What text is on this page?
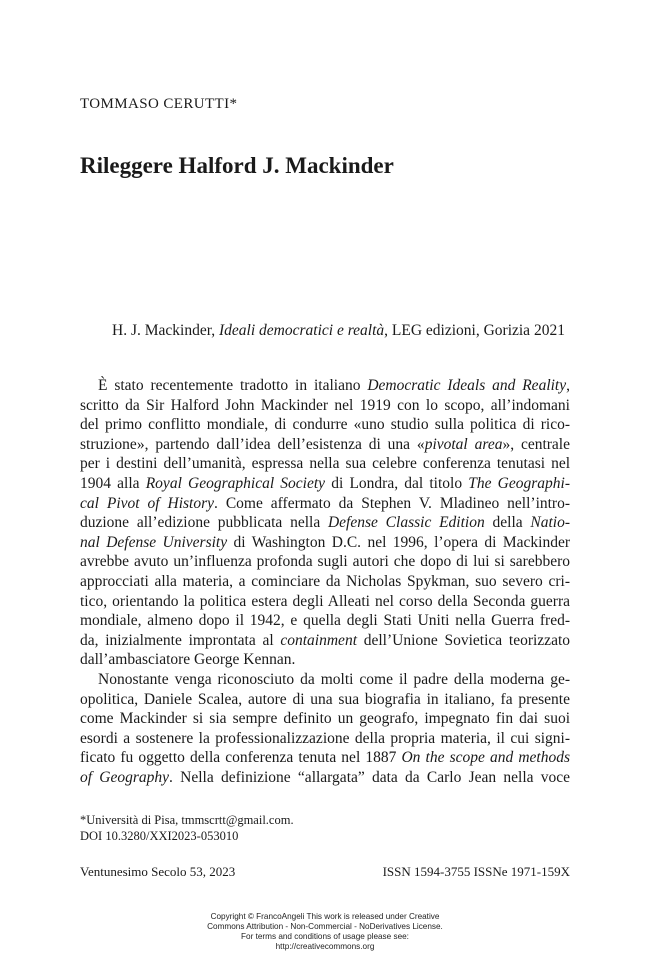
TOMMASO CERUTTI*
Rileggere Halford J. Mackinder
H. J. Mackinder, Ideali democratici e realtà, LEG edizioni, Gorizia 2021
È stato recentemente tradotto in italiano Democratic Ideals and Reality,
scritto da Sir Halford John Mackinder nel 1919 con lo scopo, all’indomani
del primo conflitto mondiale, di condurre «uno studio sulla politica di rico-
struzione», partendo dall’idea dell’esistenza di una «pivotal area», centrale
per i destini dell’umanità, espressa nella sua celebre conferenza tenutasi nel
1904 alla Royal Geographical Society di Londra, dal titolo The Geographi-
cal Pivot of History. Come affermato da Stephen V. Mladineo nell’intro-
duzione all’edizione pubblicata nella Defense Classic Edition della Natio-
nal Defense University di Washington D.C. nel 1996, l’opera di Mackinder
avrebbe avuto un’influenza profonda sugli autori che dopo di lui si sarebbero
approcciati alla materia, a cominciare da Nicholas Spykman, suo severo cri-
tico, orientando la politica estera degli Alleati nel corso della Seconda guerra
mondiale, almeno dopo il 1942, e quella degli Stati Uniti nella Guerra fred-
da, inizialmente improntata al containment dell’Unione Sovietica teorizzato
dall’ambasciatore George Kennan.
Nonostante venga riconosciuto da molti come il padre della moderna ge-
opolitica, Daniele Scalea, autore di una sua biografia in italiano, fa presente
come Mackinder si sia sempre definito un geografo, impegnato fin dai suoi
esordi a sostenere la professionalizzazione della propria materia, il cui signi-
ficato fu oggetto della conferenza tenuta nel 1887 On the scope and methods
of Geography. Nella definizione “allargata” data da Carlo Jean nella voce
*Università di Pisa, tmmscrtt@gmail.com.
DOI 10.3280/XXI2023-053010
Ventunesimo Secolo 53, 2023	ISSN 1594-3755 ISSNe 1971-159X
Copyright © FrancoAngeli This work is released under Creative
Commons Attribution - Non-Commercial - NoDerivatives License.
For terms and conditions of usage please see:
http://creativecommons.org
